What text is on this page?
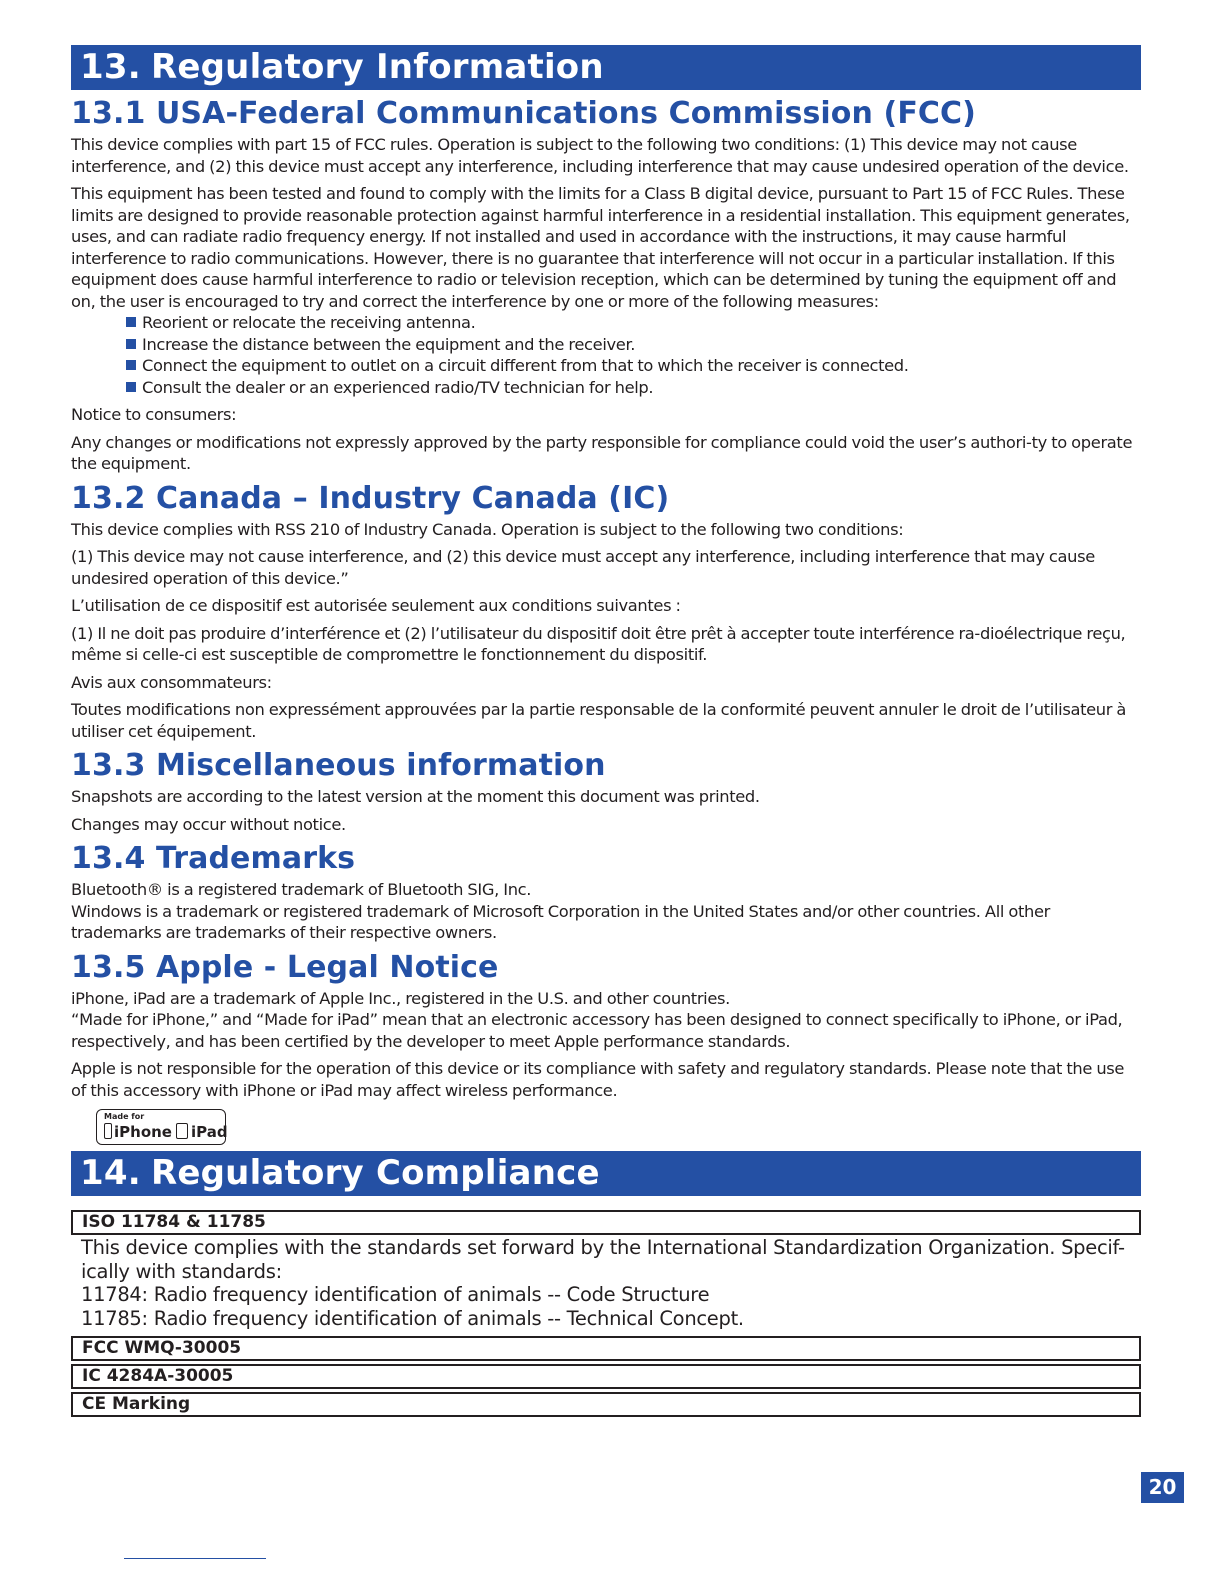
13. Regulatory Information
13.1 USA-Federal Communications Commission (FCC)

This device complies with part 15 of FCC rules. Operation is subject to the following two conditions: (1) This device may not cause interference, and (2) this device must accept any interference, including interference that may cause undesired operation of the device.

This equipment has been tested and found to comply with the limits for a Class B digital device, pursuant to Part 15 of FCC Rules. These limits are designed to provide reasonable protection against harmful interference in a residential installation. This equipment generates, uses, and can radiate radio frequency energy. If not installed and used in accordance with the instructions, it may cause harmful interference to radio communications. However, there is no guarantee that interference will not occur in a particular installation. If this equipment does cause harmful interference to radio or television reception, which can be determined by tuning the equipment off and on, the user is encouraged to try and correct the interference by one or more of the following measures:

Reorient or relocate the receiving antenna.
Increase the distance between the equipment and the receiver.
Connect the equipment to outlet on a circuit different from that to which the receiver is connected.
Consult the dealer or an experienced radio/TV technician for help.

Notice to consumers:

Any changes or modifications not expressly approved by the party responsible for compliance could void the user’s authori-ty to operate the equipment.

13.2 Canada – Industry Canada (IC)

This device complies with RSS 210 of Industry Canada. Operation is subject to the following two conditions:

(1) This device may not cause interference, and (2) this device must accept any interference, including interference that may cause undesired operation of this device.”

L’utilisation de ce dispositif est autorisée seulement aux conditions suivantes :

(1) Il ne doit pas produire d’interférence et (2) l’utilisateur du dispositif doit être prêt à accepter toute interférence ra-dioélectrique reçu, même si celle-ci est susceptible de compromettre le fonctionnement du dispositif.

Avis aux consommateurs:

Toutes modifications non expressément approuvées par la partie responsable de la conformité peuvent annuler le droit de l’utilisateur à utiliser cet équipement.

13.3 Miscellaneous information

Snapshots are according to the latest version at the moment this document was printed.

Changes may occur without notice.

13.4 Trademarks

Bluetooth® is a registered trademark of Bluetooth SIG, Inc.

Windows is a trademark or registered trademark of Microsoft Corporation in the United States and/or other countries. All other trademarks are trademarks of their respective owners.

13.5 Apple - Legal Notice

iPhone, iPad are a trademark of Apple Inc., registered in the U.S. and other countries.

“Made for iPhone,” and “Made for iPad” mean that an electronic accessory has been designed to connect specifically to iPhone, or iPad, respectively, and has been certified by the developer to meet Apple performance standards.

Apple is not responsible for the operation of this device or its compliance with safety and regulatory standards. Please note that the use of this accessory with iPhone or iPad may affect wireless performance.

Made for
iPhone iPad
14. Regulatory Compliance
ISO 11784 & 11785
This device complies with the standards set forward by the International Standardization Organization. Specif-
ically with standards:
11784: Radio frequency identification of animals -- Code Structure
11785: Radio frequency identification of animals -- Technical Concept.
FCC WMQ-30005
IC 4284A-30005
CE Marking
20
